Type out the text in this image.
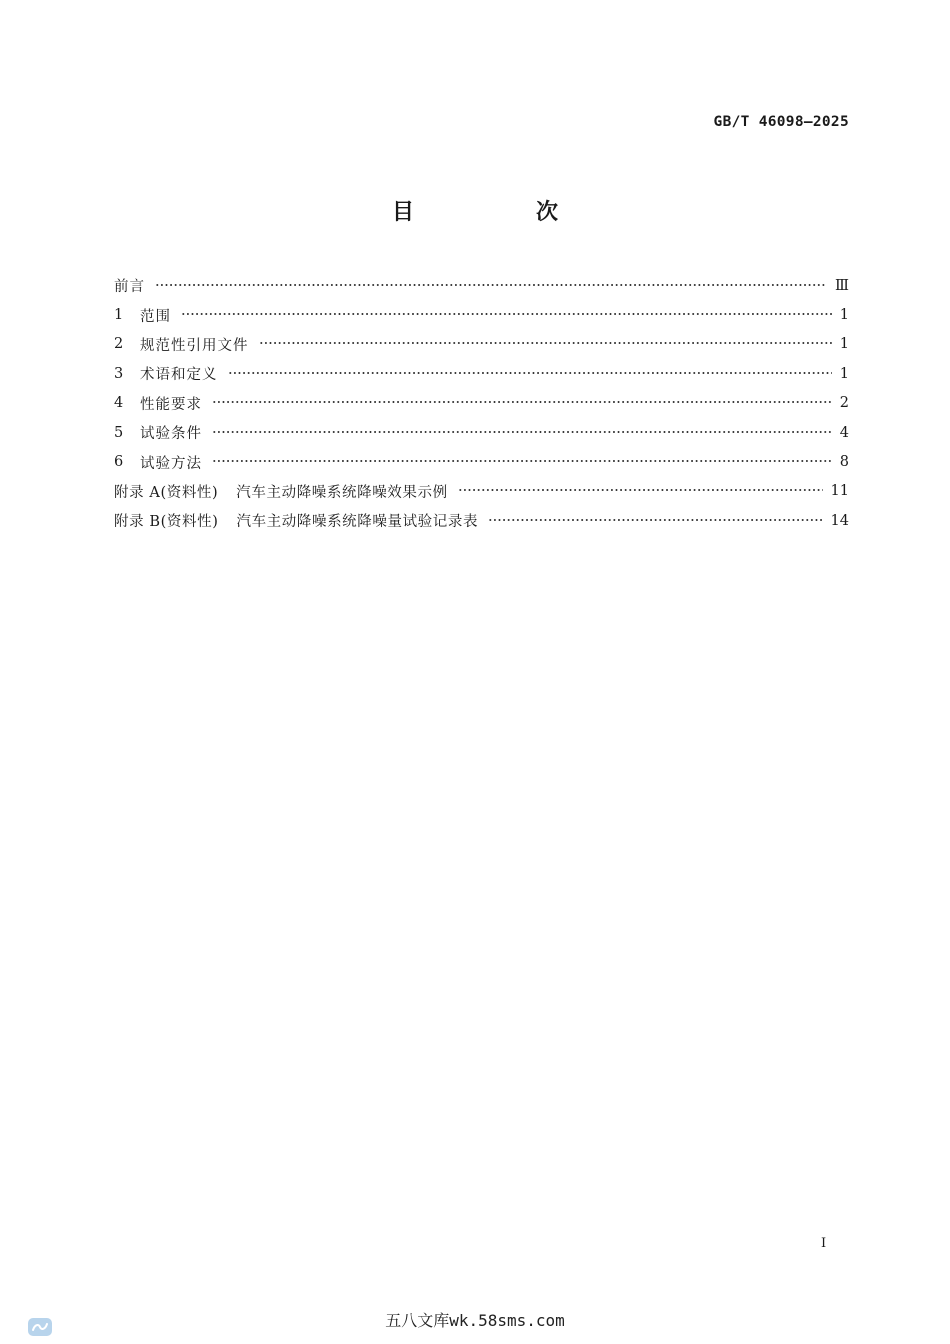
GB/T 46098—2025
目　次
前言	Ⅲ
1	范围	1
2	规范性引用文件	1
3	术语和定义	1
4	性能要求	2
5	试验条件	4
6	试验方法	8
附录 A(资料性) 汽车主动降噪系统降噪效果示例	11
附录 B(资料性) 汽车主动降噪系统降噪量试验记录表	14
I
五八文库wk.58sms.com
